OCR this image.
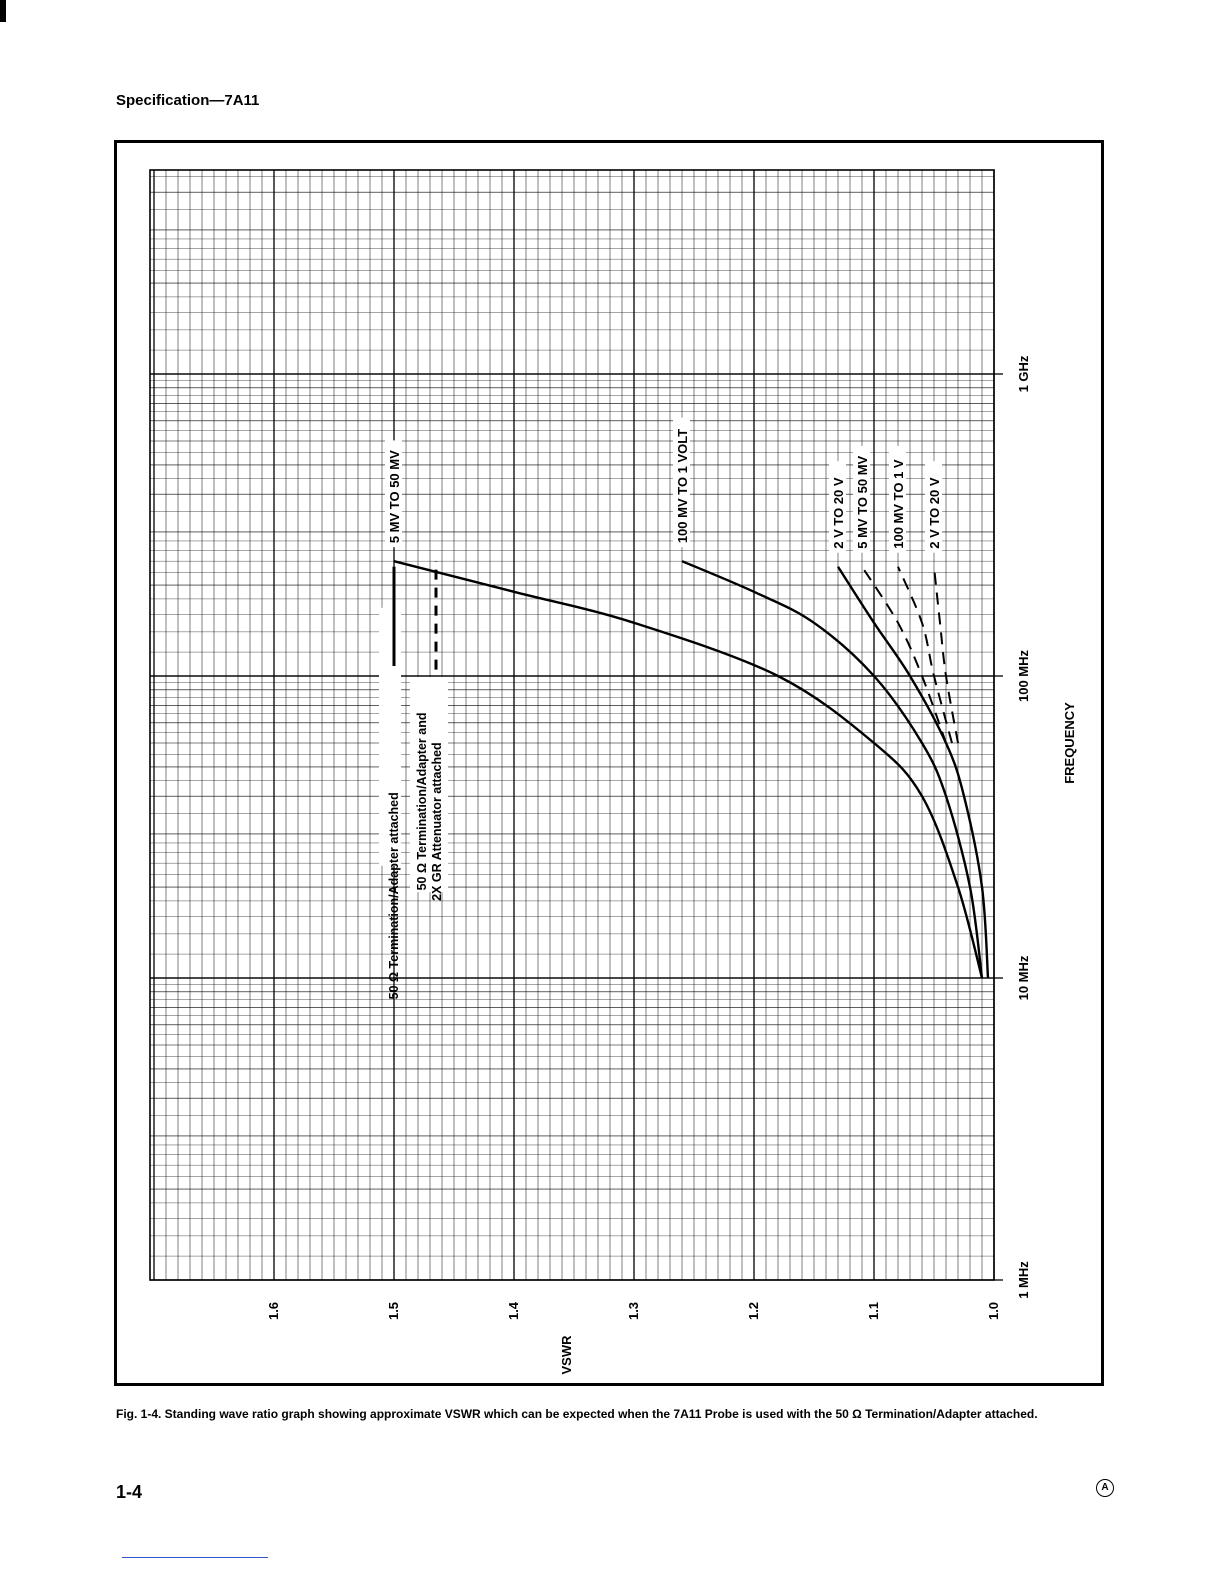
Specification—7A11
1.0
1.1
1.2
1.3
1.4
1.5
1.6
VSWR
1 MHz
10 MHz
100 MHz
1 GHz
FREQUENCY
5 MV TO 50 MV	100 MV TO 1 VOLT	2 V TO 20 V 5 MV TO 50 MV 100 MV TO 1 V 2 V TO 20 V
50 Ω Termination/Adapter attached 50 Ω Termination/Adapter and 2X GR Attenuator attached
Fig. 1-4. Standing wave ratio graph showing approximate VSWR which can be expected when the 7A11 Probe is used with the 50 Ω Termination/Adapter attached.
1-4	A
